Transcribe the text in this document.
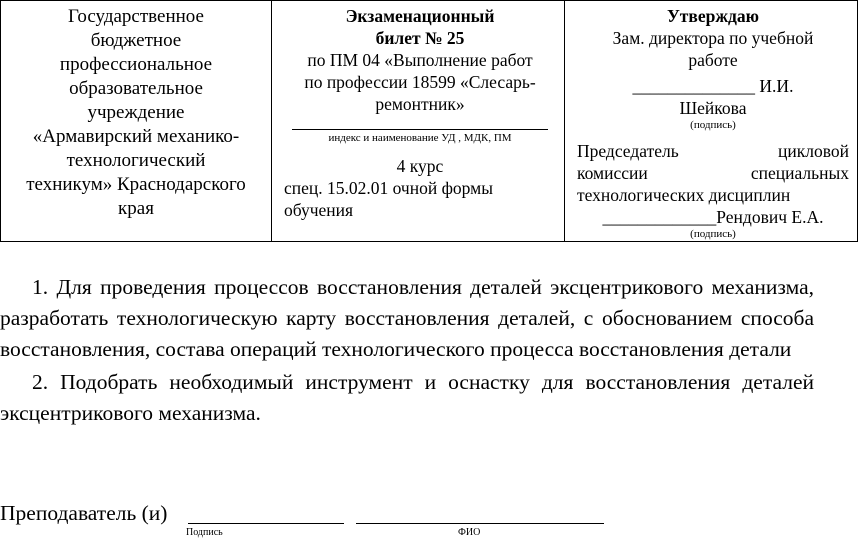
Государственное
бюджетное
профессиональное
образовательное
учреждение
«Армавирский механико-
технологический
техникум» Краснодарского
края

Экзаменационный
билет № 25
по ПМ 04 «Выполнение работ
по профессии 18599 «Слесарь-
ремонтник»
индекс и наименование УД , МДК, ПМ
4 курс
спец. 15.02.01 очной формы
обучения

Утверждаю
Зам. директора по учебной
работе
______________ И.И.
Шейкова
(подпись)
Председатель цикловой
комиссии специальных
технологических дисциплин
_____________Рендович Е.А.
(подпись)

1. Для проведения процессов восстановления деталей эксцентрикового механизма, разработать технологическую карту восстановления деталей, с обоснованием способа восстановления, состава операций технологического процесса восстановления детали

2. Подобрать необходимый инструмент и оснастку для восстановления деталей эксцентрикового механизма.

Преподаватель (и)
Подпись	ФИО
